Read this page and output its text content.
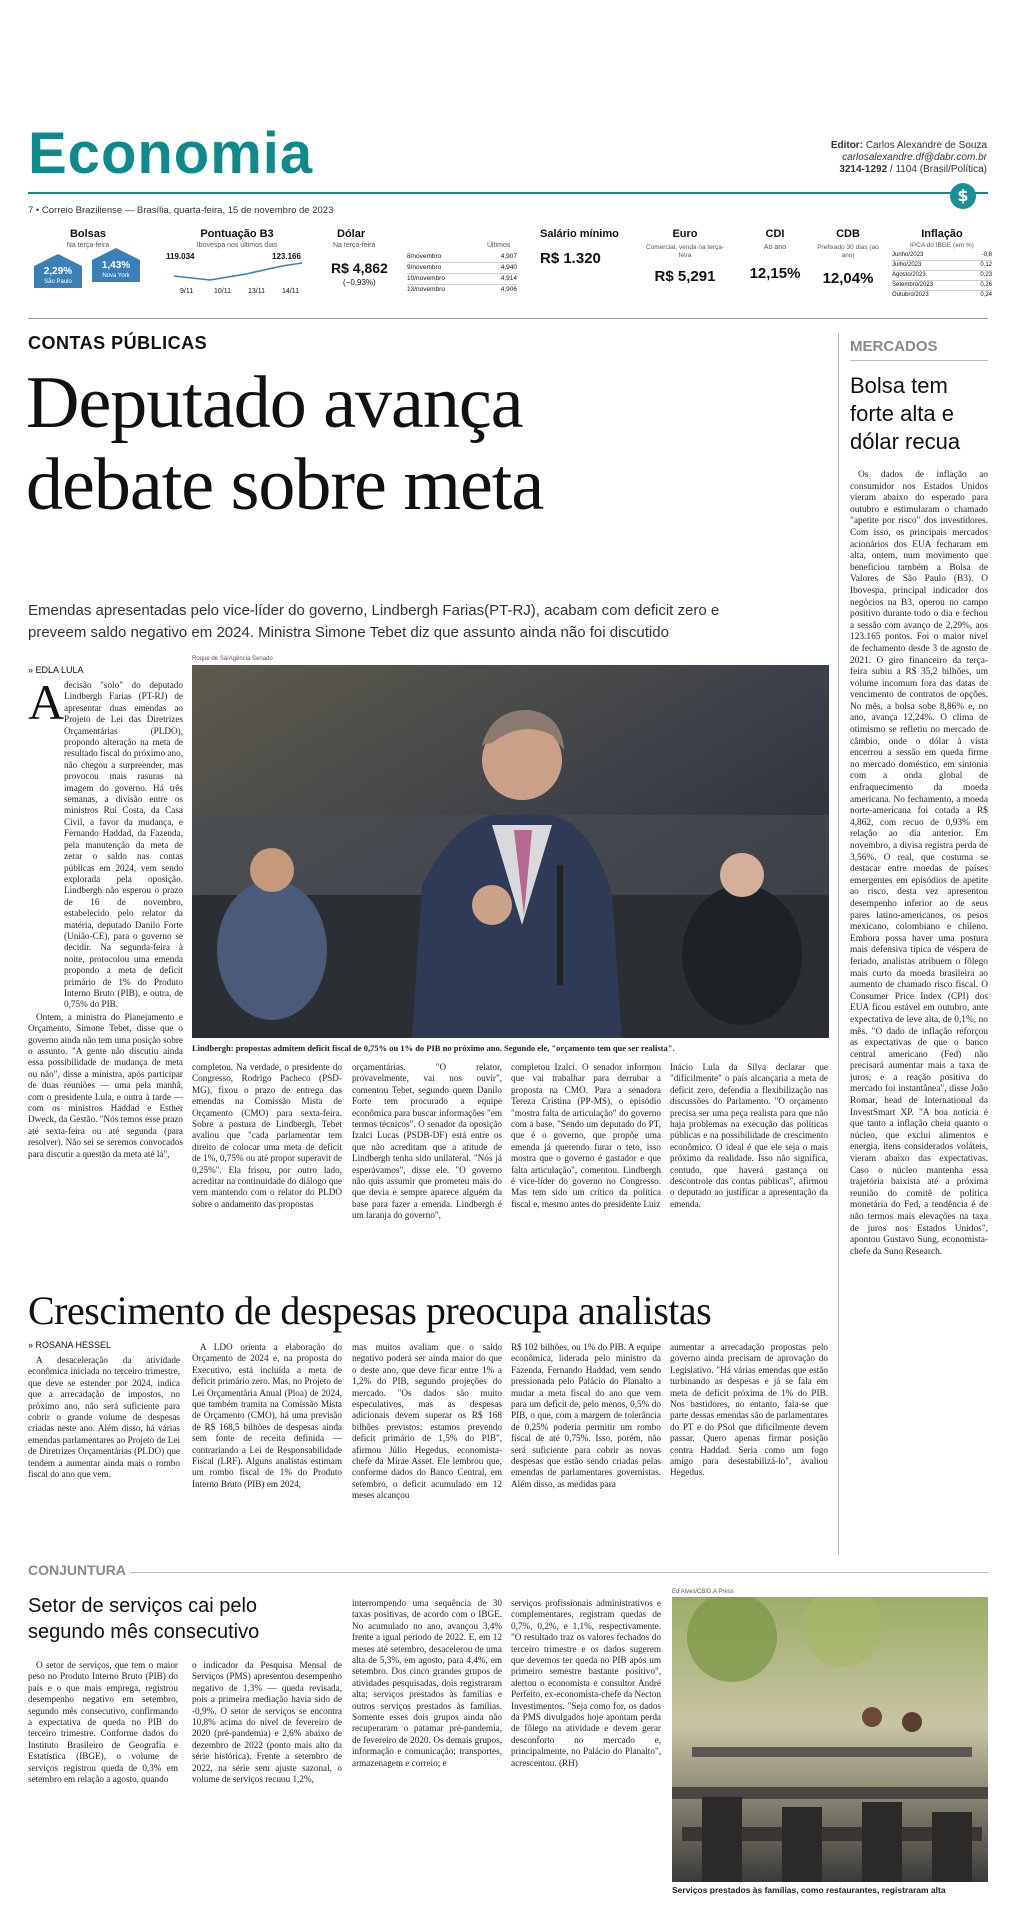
Economia	Editor: Carlos Alexandre de Souza
carlosalexandre.df@dabr.com.br
3214-1292 / 1104 (Brasil/Política)
$
7 • Correio Braziliense — Brasília, quarta-feira, 15 de novembro de 2023
Bolsas
Na terça-feira
2,29%
São Paulo
1,43%
Nova York
Pontuação B3
Ibovespa nos últimos dias
119.034	123.166
9/11	10/11 13/11 14/11
Dólar
Na terça-feira
R$ 4,862
(−0,93%)
Últimos
8/novembro	4,907
9/novembro	4,940
10/novembro	4,914
13/novembro	4,906
Salário mínimo
R$ 1.320
Euro
Comercial, venda na terça-feira
R$ 5,291
CDI
Ao ano
12,15%
CDB
Prefixado 30 dias (ao ano)
12,04%
Inflação
IPCA do IBGE (em %)
Junho/2023	-0,8
Julho/2023	0,12
Agosto/2023	0,23
Setembro/2023	0,26
Outubro/2023	0,24
CONTAS PÚBLICAS
Deputado avança
debate sobre meta
Emendas apresentadas pelo vice-líder do governo, Lindbergh Farias(PT-RJ), acabam com deficit zero e
preveem saldo negativo em 2024. Ministra Simone Tebet diz que assunto ainda não foi discutido
» EDLA LULA
Roque de Sá/Agência Senado
Lindbergh: propostas admitem deficit fiscal de 0,75% ou 1% do PIB no próximo ano. Segundo ele, "orçamento tem que ser realista".
A decisão "solo" do deputado Lindbergh Farias (PT-RJ) de apresentar duas emendas ao Projeto de Lei das Diretrizes Orçamentárias (PLDO), propondo alteração na meta de resultado fiscal do próximo ano, não chegou a surpreender, mas provocou mais rasuras na imagem do governo. Há três semanas, a divisão entre os ministros Rui Costa, da Casa Civil, a favor da mudança, e Fernando Haddad, da Fazenda, pela manutenção da meta de zerar o saldo nas contas públicas em 2024, vem sendo explorada pela oposição. Lindbergh não esperou o prazo de 16 de novembro, estabelecido pelo relator da matéria, deputado Danilo Forte (União-CE), para o governo se decidir. Na segunda-feira à noite, protocolou uma emenda propondo a meta de deficit primário de 1% do Produto Interno Bruto (PIB), e outra, de 0,75% do PIB.

Ontem, a ministra do Planejamento e Orçamento, Simone Tebet, disse que o governo ainda não tem uma posição sobre o assunto. "A gente não discutiu ainda essa possibilidade de mudança de meta ou não", disse a ministra, após participar de duas reuniões — uma pela manhã, com o presidente Lula, e outra à tarde — com os ministros Haddad e Esther Dweck, da Gestão. "Nós temos esse prazo até sexta-feira ou até segunda (para resolver). Não sei se seremos convocados para discutir a questão da meta até lá",

completou. Na verdade, o presidente do Congresso, Rodrigo Pacheco (PSD-MG), fixou o prazo de entrega das emendas na Comissão Mista de Orçamento (CMO) para sexta-feira. Sobre a postura de Lindbergh, Tebet avaliou que "cada parlamentar tem direito de colocar uma meta de deficit de 1%, 0,75% ou até propor superavit de 0,25%". Ela frisou, por outro lado, acreditar na continuidade do diálogo que vem mantendo com o relator do PLDO sobre o andamento das propostas

orçamentárias. "O relator, provavelmente, vai nos ouvir", comentou Tebet, segundo quem Danilo Forte tem procurado a equipe econômica para buscar informações "em termos técnicos". O senador da oposição Izalci Lucas (PSDB-DF) está entre os que não acreditam que a atitude de Lindbergh tenha sido unilateral. "Nós já esperávamos", disse ele. "O governo não quis assumir que prometeu mais do que devia e sempre aparece alguém da base para fazer a emenda. Lindbergh é um laranja do governo",

completou Izalci. O senador informou que vai trabalhar para derrubar a proposta na CMO. Para a senadora Tereza Cristina (PP-MS), o episódio "mostra falta de articulação" do governo com a base. "Sendo um deputado do PT, que é o governo, que propõe uma emenda já querendo furar o teto, isso mostra que o governo é gastador e que falta articulação", comentou. Lindbergh é vice-líder do governo no Congresso. Mas tem sido um crítico da política fiscal e, mesmo antes do presidente Luiz

Inácio Lula da Silva declarar que "dificilmente" o país alcançaria a meta de deficit zero, defendia a flexibilização nas discussões do Parlamento. "O orçamento precisa ser uma peça realista para que não haja problemas na execução das políticas públicas e na possibilidade de crescimento econômico. O ideal é que ele seja o mais próximo da realidade. Isso não significa, contudo, que haverá gastança ou descontrole das contas públicas", afirmou o deputado ao justificar a apresentação da emenda.

Crescimento de despesas preocupa analistas
» ROSANA HESSEL

A desaceleração da atividade econômica iniciada no terceiro trimestre, que deve se estender por 2024, indica que a arrecadação de impostos, no próximo ano, não será suficiente para cobrir o grande volume de despesas criadas neste ano. Além disso, há várias emendas parlamentares ao Projeto de Lei de Diretrizes Orçamentárias (PLDO) que tendem a aumentar ainda mais o rombo fiscal do ano que vem.

A LDO orienta a elaboração do Orçamento de 2024 e, na proposta do Executivo, está incluída a meta de deficit primário zero. Mas, no Projeto de Lei Orçamentária Anual (Ploa) de 2024, que também tramita na Comissão Mista de Orçamento (CMO), há uma previsão de R$ 168,5 bilhões de despesas ainda sem fonte de receita definida — contrariando a Lei de Responsabilidade Fiscal (LRF). Alguns analistas estimam um rombo fiscal de 1% do Produto Interno Bruto (PIB) em 2024,

mas muitos avaliam que o saldo negativo poderá ser ainda maior do que o deste ano, que deve ficar entre 1% a 1,2% do PIB, segundo projeções do mercado. "Os dados são muito especulativos, mas as despesas adicionais devem superar os R$ 168 bilhões previstos; estamos prevendo deficit primário de 1,5% do PIB", afirmou Júlio Hegedus, economista-chefe da Mirae Asset. Ele lembrou que, conforme dados do Banco Central, em setembro, o deficit acumulado em 12 meses alcançou

R$ 102 bilhões, ou 1% do PIB. A equipe econômica, liderada pelo ministro da Fazenda, Fernando Haddad, vem sendo pressionada pelo Palácio do Planalto a mudar a meta fiscal do ano que vem para um deficit de, pelo menos, 0,5% do PIB, o que, com a margem de tolerância de 0,25% poderia permitir um rombo fiscal de até 0,75%. Isso, porém, não será suficiente para cobrir as novas despesas que estão sendo criadas pelas emendas de parlamentares governistas. Além disso, as medidas para

aumentar a arrecadação propostas pelo governo ainda precisam de aprovação do Legislativo. "Há várias emendas que estão turbinando as despesas e já se fala em meta de deficit próxima de 1% do PIB. Nos bastidores, no entanto, fala-se que parte dessas emendas são de parlamentares do PT e do PSol que dificilmente devem passar. Quero apenas firmar posição contra Haddad. Seria como um fogo amigo para desestabilizá-lo", avaliou Hegedus.

MERCADOS
Bolsa tem forte alta e dólar recua

Os dados de inflação ao consumidor nos Estados Unidos vieram abaixo do esperado para outubro e estimularam o chamado "apetite por risco" dos investidores. Com isso, os principais mercados acionários dos EUA fecharam em alta, ontem, num movimento que beneficiou também a Bolsa de Valores de São Paulo (B3). O Ibovespa, principal indicador dos negócios na B3, operou no campo positivo durante todo o dia e fechou a sessão com avanço de 2,29%, aos 123.165 pontos. Foi o maior nível de fechamento desde 3 de agosto de 2021. O giro financeiro da terça-feira subiu a R$ 35,2 bilhões, um volume incomum fora das datas de vencimento de contratos de opções. No mês, a bolsa sobe 8,86% e, no ano, avança 12,24%. O clima de otimismo se refletiu no mercado de câmbio, onde o dólar à vista encerrou a sessão em queda firme no mercado doméstico, em sintonia com a onda global de enfraquecimento da moeda americana. No fechamento, a moeda norte-americana foi cotada a R$ 4,862, com recuo de 0,93% em relação ao dia anterior. Em novembro, a divisa registra perda de 3,56%. O real, que costuma se destacar entre moedas de países emergentes em episódios de apetite ao risco, desta vez apresentou desempenho inferior ao de seus pares latino-americanos, os pesos mexicano, colombiano e chileno. Embora possa haver uma postura mais defensiva típica de véspera de feriado, analistas atribuem o fôlego mais curto da moeda brasileira ao aumento de chamado risco fiscal. O Consumer Price Index (CPI) dos EUA ficou estável em outubro, ante expectativa de leve alta, de 0,1%, no mês. "O dado de inflação reforçou as expectativas de que o banco central americano (Fed) não precisará aumentar mais a taxa de juros, e a reação positiva do mercado foi instantânea", disse João Romar, head de International da InvestSmart XP. "A boa notícia é que tanto a inflação cheia quanto o núcleo, que exclui alimentos e energia, itens considerados voláteis, vieram abaixo das expectativas. Caso o núcleo mantenha essa trajetória baixista até a próxima reunião do comitê de política monetária do Fed, a tendência é de não termos mais elevações na taxa de juros nos Estados Unidos", apontou Gustavo Sung, economista-chefe da Suno Research.

CONJUNTURA
Setor de serviços cai pelo
segundo mês consecutivo

O setor de serviços, que tem o maior peso no Produto Interno Bruto (PIB) do país e o que mais emprega, registrou desempenho negativo em setembro, segundo mês consecutivo, confirmando a expectativa de queda no PIB do terceiro trimestre. Conforme dados do Instituto Brasileiro de Geografia e Estatística (IBGE), o volume de serviços registrou queda de 0,3% em setembro em relação a agosto, quando

o indicador da Pesquisa Mensal de Serviços (PMS) apresentou desempenho negativo de 1,3% — queda revisada, pois a primeira mediação havia sido de -0,9%. O setor de serviços se encontra 10,8% acima do nível de fevereiro de 2020 (pré-pandemia) e 2,6% abaixo de dezembro de 2022 (ponto mais alto da série histórica). Frente a setembro de 2022, na série sem ajuste sazonal, o volume de serviços recuou 1,2%,

interrompendo uma sequência de 30 taxas positivas, de acordo com o IBGE. No acumulado no ano, avançou 3,4% frente a igual período de 2022. E, em 12 meses até setembro, desacelerou de uma alta de 5,3%, em agosto, para 4,4%, em setembro. Dos cinco grandes grupos de atividades pesquisadas, dois registraram alta; serviços prestados às famílias e outros serviços prestados às famílias. Somente esses dois grupos ainda não recuperaram o patamar pré-pandemia, de fevereiro de 2020. Os demais grupos, informação e comunicação; transportes, armazenagem e correio; e

serviços profissionais administrativos e complementares, registram quedas de 0,7%, 0,2%, e 1,1%, respectivamente. "O resultado traz os valores fechados do terceiro trimestre e os dados sugerem que devemos ter queda no PIB após um primeiro semestre bastante positivo", alertou o economista e consultor André Perfeito, ex-economista-chefe da Necton Investimentos. "Seja como for, os dados da PMS divulgados hoje apontam perda de fôlego na atividade e devem gerar desconforto no mercado e, principalmente, no Palácio do Planalto", acrescentou. (RH)

Ed Alves/CB/D.A Press
Serviços prestados às famílias, como restaurantes, registraram alta
